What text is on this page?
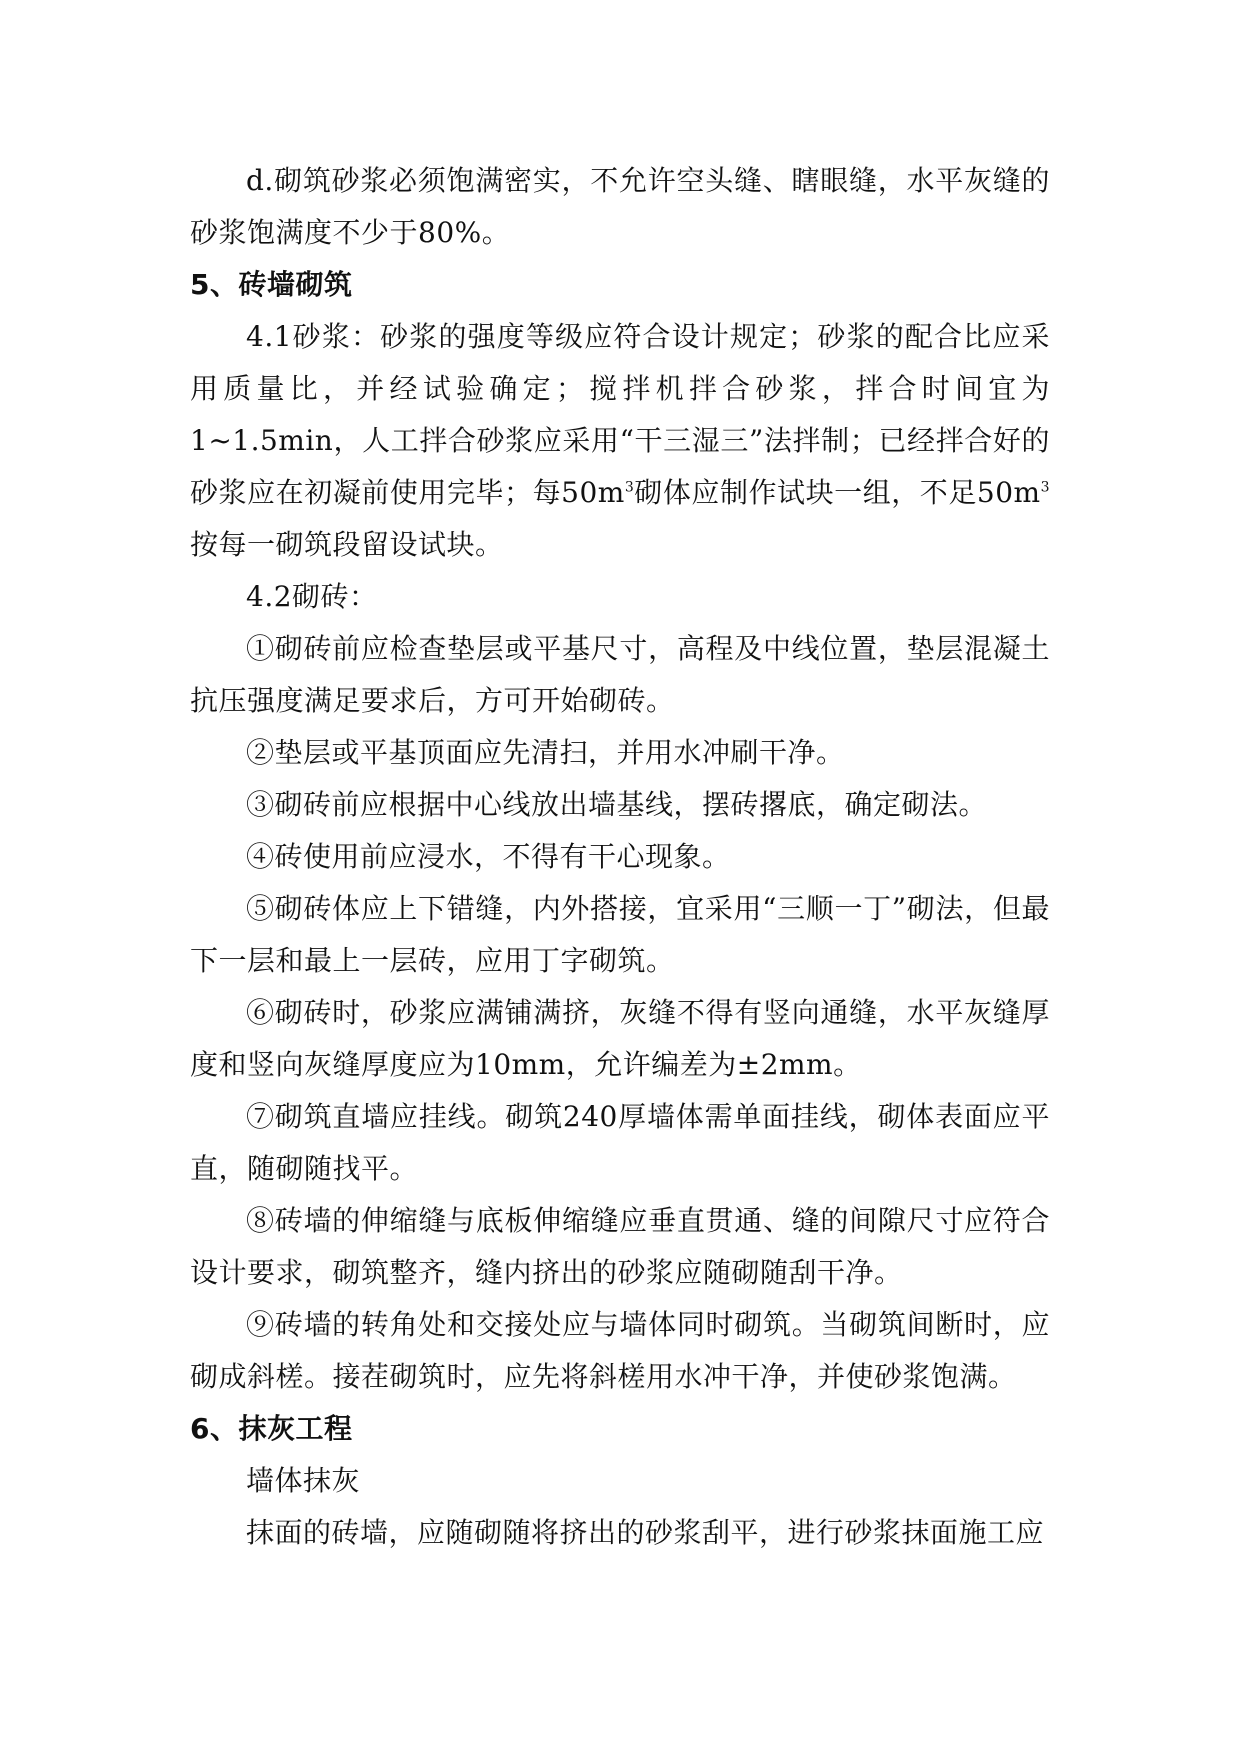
d.砌筑砂浆必须饱满密实，不允许空头缝、瞎眼缝，水平灰缝的砂浆饱满度不少于80%。

5、砖墙砌筑

4.1砂浆：砂浆的强度等级应符合设计规定；砂浆的配合比应采用质量比，并经试验确定；搅拌机拌合砂浆，拌合时间宜为1~1.5min，人工拌合砂浆应采用“干三湿三”法拌制；已经拌合好的砂浆应在初凝前使用完毕；每$50m^3$砌体应制作试块一组，不足$50m^3$按每一砌筑段留设试块。

4.2砌砖：

①砌砖前应检查垫层或平基尺寸，高程及中线位置，垫层混凝土抗压强度满足要求后，方可开始砌砖。

②垫层或平基顶面应先清扫，并用水冲刷干净。

③砌砖前应根据中心线放出墙基线，摆砖撂底，确定砌法。

④砖使用前应浸水，不得有干心现象。

⑤砌砖体应上下错缝，内外搭接，宜采用“三顺一丁”砌法，但最下一层和最上一层砖，应用丁字砌筑。

⑥砌砖时，砂浆应满铺满挤，灰缝不得有竖向通缝，水平灰缝厚度和竖向灰缝厚度应为10mm，允许编差为±2mm。

⑦砌筑直墙应挂线。砌筑240厚墙体需单面挂线，砌体表面应平直，随砌随找平。

⑧砖墙的伸缩缝与底板伸缩缝应垂直贯通、缝的间隙尺寸应符合设计要求，砌筑整齐，缝内挤出的砂浆应随砌随刮干净。

⑨砖墙的转角处和交接处应与墙体同时砌筑。当砌筑间断时，应砌成斜槎。接茬砌筑时，应先将斜槎用水冲干净，并使砂浆饱满。

6、抹灰工程

墙体抹灰

抹面的砖墙，应随砌随将挤出的砂浆刮平，进行砂浆抹面施工应
